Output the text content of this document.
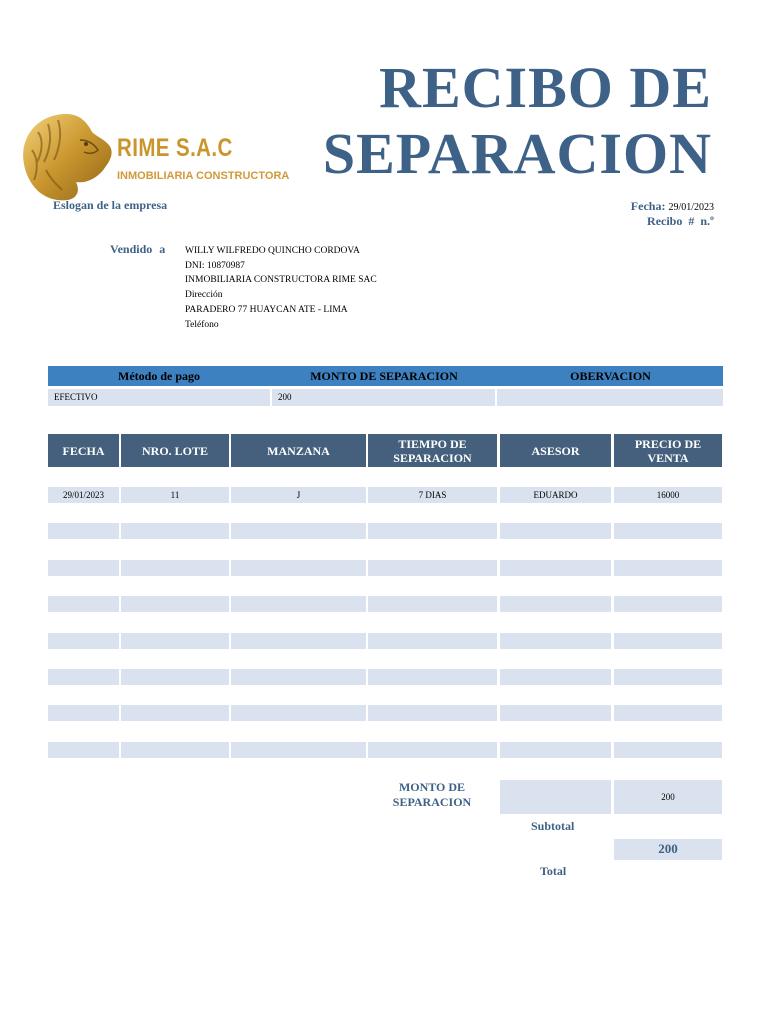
RECIBO DE
SEPARACION
RIME S.A.C
INMOBILIARIA CONSTRUCTORA
Eslogan de la empresa	Fecha: 29/01/2023
Recibo # n.º
Vendido a WILLY WILFREDO QUINCHO CORDOVA
DNI: 10870987
INMOBILIARIA CONSTRUCTORA RIME SAC
Dirección
PARADERO 77 HUAYCAN ATE - LIMA
Teléfono
Método de pago	MONTO DE SEPARACION	OBERVACION
EFECTIVO	200
FECHA	NRO. LOTE	MANZANA	TIEMPO DE SEPARACION	ASESOR	PRECIO DE VENTA
29/01/2023	11	J	7 DIAS	EDUARDO	16000
MONTO DE SEPARACION	200
Subtotal
200
Total
